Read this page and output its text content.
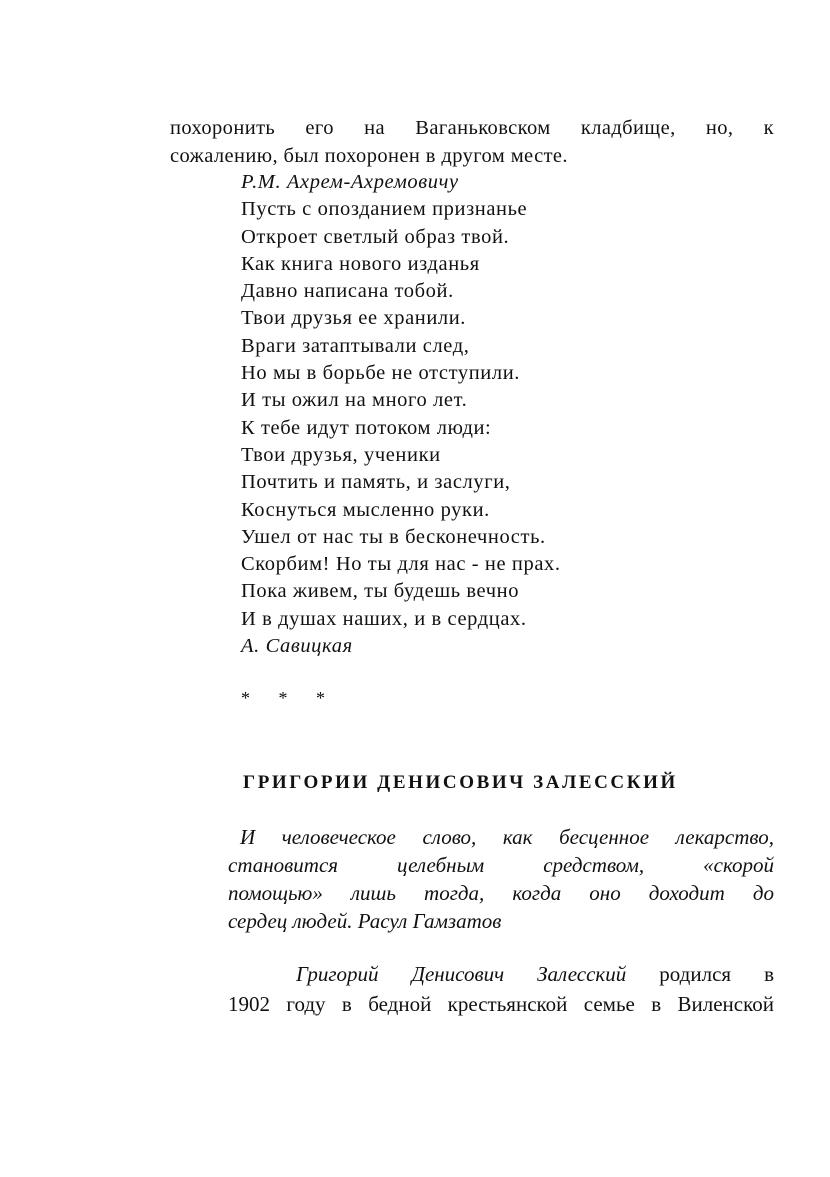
похоронить его на Ваганьковском кладбище, но, к
сожалению, был похоронен в другом месте.
Р.М. Ахрем-Ахремовичу
Пусть с опозданием признанье
Откроет светлый образ твой.
Как книга нового изданья
Давно написана тобой.
Твои друзья ее хранили.
Враги затаптывали след,
Но мы в борьбе не отступили.
И ты ожил на много лет.
К тебе идут потоком люди:
Твои друзья, ученики
Почтить и память, и заслуги,
Коснуться мысленно руки.
Ушел от нас ты в бесконечность.
Скорбим! Но ты для нас - не прах.
Пока живем, ты будешь вечно
И в душах наших, и в сердцах.
А. Савицкая
* * *
ГРИГОРИИ ДЕНИСОВИЧ ЗАЛЕССКИЙ
И человеческое слово, как бесценное лекарство,
становится целебным средством, «скорой
помощью» лишь тогда, когда оно доходит до
сердец людей. Расул Гамзатов
Григорий Денисович Залесский родился в
1902 году в бедной крестьянской семье в Виленской
